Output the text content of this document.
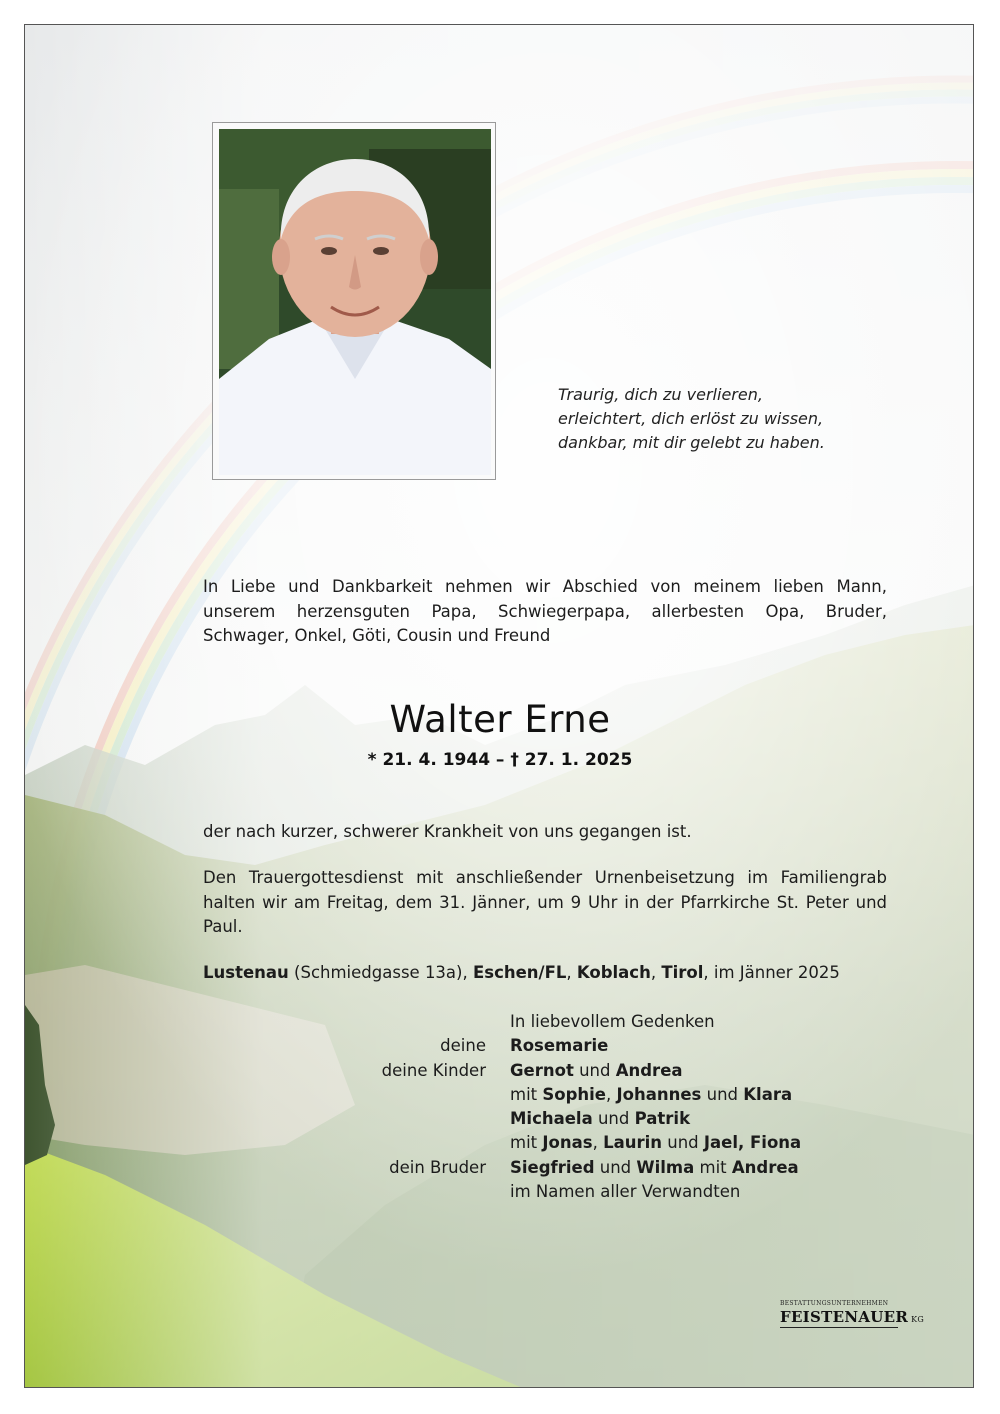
Traurig, dich zu verlieren,
erleichtert, dich erlöst zu wissen,
dankbar, mit dir gelebt zu haben.
In Liebe und Dankbarkeit nehmen wir Abschied von meinem lieben Mann,
unserem herzensguten Papa, Schwiegerpapa, allerbesten Opa, Bruder,
Schwager, Onkel, Göti, Cousin und Freund
Walter Erne
* 21. 4. 1944 – † 27. 1. 2025
der nach kurzer, schwerer Krankheit von uns gegangen ist.
Den Trauergottesdienst mit anschließender Urnenbeisetzung im Familiengrab
halten wir am Freitag, dem 31. Jänner, um 9 Uhr in der Pfarrkirche St. Peter und
Paul.
Lustenau (Schmiedgasse 13a), Eschen/FL, Koblach, Tirol, im Jänner 2025
In liebevollem Gedenken
deine Rosemarie
deine Kinder Gernot und Andrea
mit Sophie, Johannes und Klara
Michaela und Patrik
mit Jonas, Laurin und Jael, Fiona
dein Bruder Siegfried und Wilma mit Andrea
im Namen aller Verwandten
BESTATTUNGSUNTERNEHMEN
FEISTENAUER KG
